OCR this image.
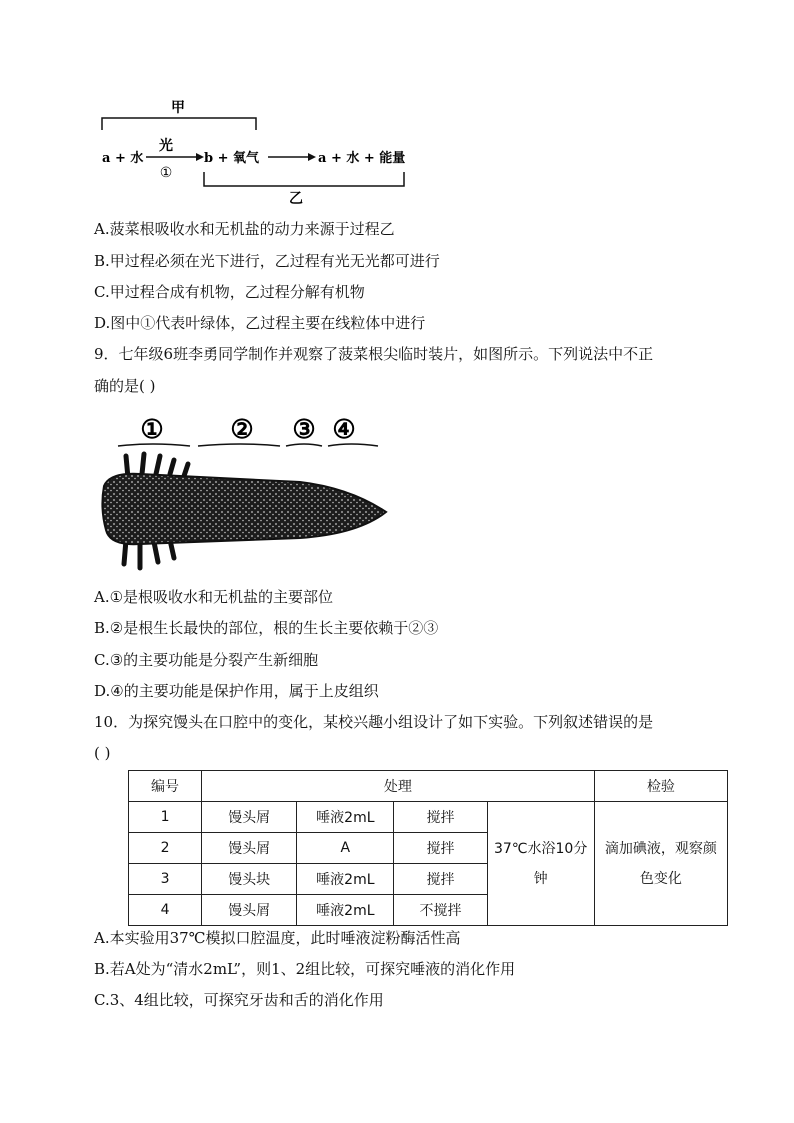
甲
光
a + 水
①
b + 氧气	a + 水 + 能量
乙
A.菠菜根吸收水和无机盐的动力来源于过程乙
B.甲过程必须在光下进行，乙过程有光无光都可进行
C.甲过程合成有机物，乙过程分解有机物
D.图中①代表叶绿体，乙过程主要在线粒体中进行
9．七年级6班李勇同学制作并观察了菠菜根尖临时装片，如图所示。下列说法中不正
确的是( )
①	② ③ ④
A.①是根吸收水和无机盐的主要部位
B.②是根生长最快的部位，根的生长主要依赖于②③
C.③的主要功能是分裂产生新细胞
D.④的主要功能是保护作用，属于上皮组织
10．为探究馒头在口腔中的变化，某校兴趣小组设计了如下实验。下列叙述错误的是
( )
编号	处理				检验
1	馒头屑	唾液2mL	搅拌	37℃水浴10分钟	滴加碘液，观察颜色变化

2	馒头屑	A	搅拌		
3	馒头块	唾液2mL	搅拌		
4	馒头屑	唾液2mL	不搅拌		
A.本实验用37℃模拟口腔温度，此时唾液淀粉酶活性高
B.若A处为“清水2mL”，则1、2组比较，可探究唾液的消化作用
C.3、4组比较，可探究牙齿和舌的消化作用
